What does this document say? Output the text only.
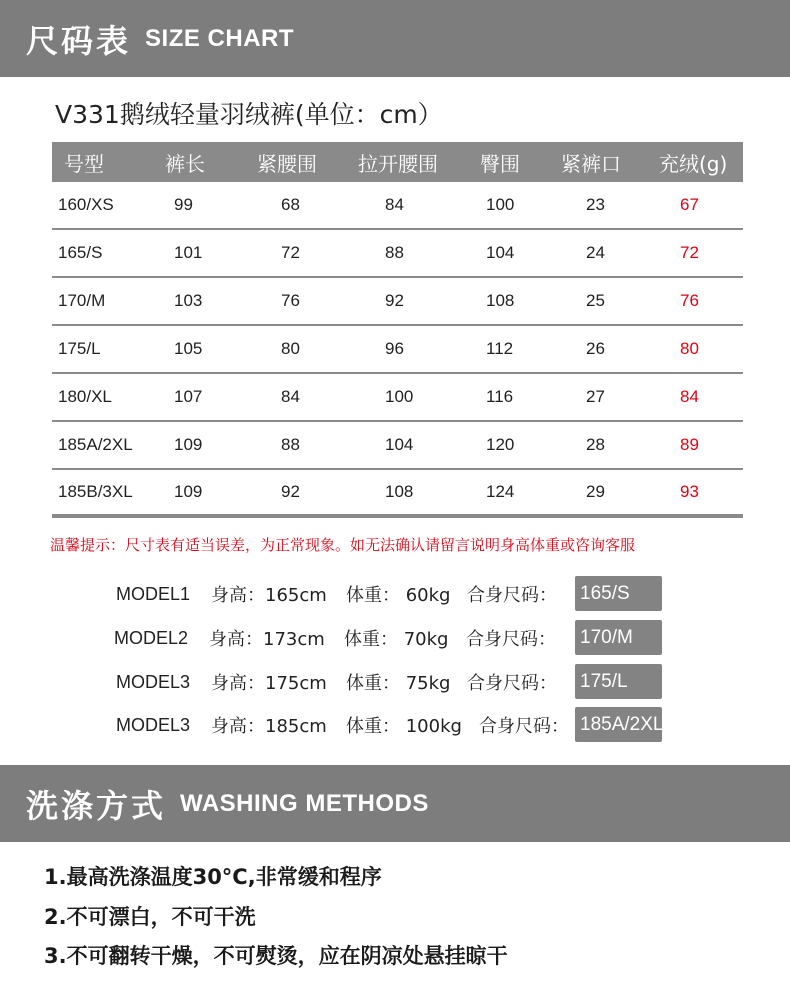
尺码表 SIZE CHART
V331鹅绒轻量羽绒裤(单位：cm）
号型	裤长	紧腰围 拉开腰围 臀围 紧裤口 充绒(g)
160/XS	99	68	84	100	23	67
165/S	101	72	88	104	24	72
170/M	103	76	92	108	25	76
175/L	105	80	96	112	26	80
180/XL	107	84	100	116	27	84
185A/2XL 109	88	104	120	28	89
185B/3XL 109	92	108	124	29	93
温馨提示：尺寸表有适当误差，为正常现象。如无法确认请留言说明身高体重或咨询客服
MODEL1 身高：165cm 体重： 60kg 合身尺码： 165/S
MODEL2 身高：173cm 体重： 70kg 合身尺码： 170/M
MODEL3 身高：175cm 体重： 75kg 合身尺码： 175/L
MODEL3 身高：185cm 体重： 100kg 合身尺码： 185A/2XL
洗涤方式 WASHING METHODS
1.最高洗涤温度30°C,非常缓和程序
2.不可漂白，不可干洗
3.不可翻转干燥，不可熨烫，应在阴凉处悬挂晾干
